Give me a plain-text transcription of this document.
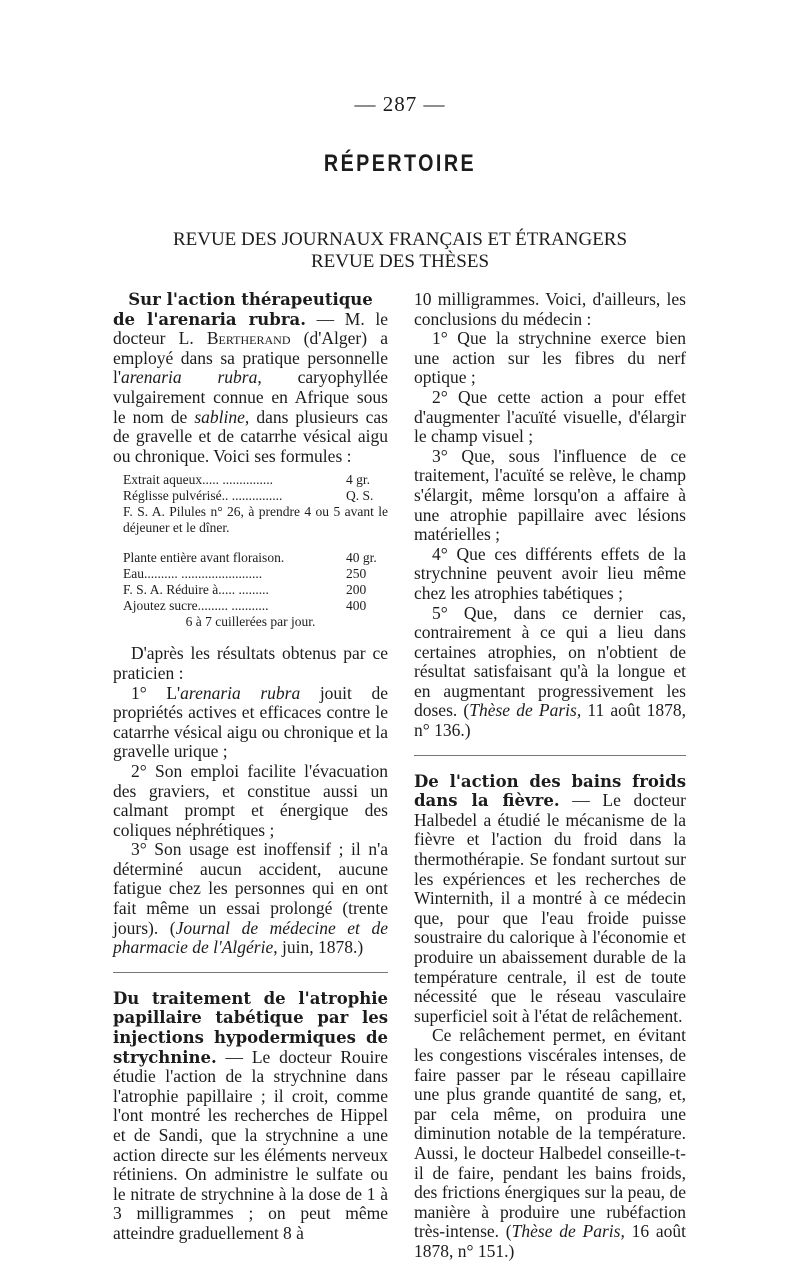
— 287 —
RÉPERTOIRE
REVUE DES JOURNAUX FRANÇAIS ET ÉTRANGERS
REVUE DES THÈSES

Sur l'action thérapeutique
de l'arenaria rubra. — M. le docteur L. Bertherand (d'Alger) a employé dans sa pratique personnelle l'arenaria rubra, caryophyllée vulgairement connue en Afrique sous le nom de sabline, dans plusieurs cas de gravelle et de catarrhe vésical aigu ou chronique. Voici ses formules :

Extrait aqueux..... ...............	4 gr.
Réglisse pulvérisé.. ...............	Q. S.

F. S. A. Pilules n° 26, à prendre 4 ou 5 avant le déjeuner et le dîner.

Plante entière avant floraison.	40 gr.
Eau.......... ........................	250
F. S. A. Réduire à..... .........	200
Ajoutez sucre......... ...........	400

6 à 7 cuillerées par jour.

D'après les résultats obtenus par ce praticien :

1° L'arenaria rubra jouit de propriétés actives et efficaces contre le catarrhe vésical aigu ou chronique et la gravelle urique ;

2° Son emploi facilite l'évacuation des graviers, et constitue aussi un calmant prompt et énergique des coliques néphrétiques ;

3° Son usage est inoffensif ; il n'a déterminé aucun accident, aucune fatigue chez les personnes qui en ont fait même un essai prolongé (trente jours). (Journal de médecine et de pharmacie de l'Algérie, juin, 1878.)

Du traitement de l'atrophie papillaire tabétique par les injections hypodermiques de strychnine. — Le docteur Rouire étudie l'action de la strychnine dans l'atrophie papillaire ; il croit, comme l'ont montré les recherches de Hippel et de Sandi, que la strychnine a une action directe sur les éléments nerveux rétiniens. On administre le sulfate ou le nitrate de strychnine à la dose de 1 à 3 milligrammes ; on peut même atteindre graduellement 8 à

10 milligrammes. Voici, d'ailleurs, les conclusions du médecin :

1° Que la strychnine exerce bien une action sur les fibres du nerf optique ;

2° Que cette action a pour effet d'augmenter l'acuïté visuelle, d'élargir le champ visuel ;

3° Que, sous l'influence de ce traitement, l'acuïté se relève, le champ s'élargit, même lorsqu'on a affaire à une atrophie papillaire avec lésions matérielles ;

4° Que ces différents effets de la strychnine peuvent avoir lieu même chez les atrophies tabétiques ;

5° Que, dans ce dernier cas, contrairement à ce qui a lieu dans certaines atrophies, on n'obtient de résultat satisfaisant qu'à la longue et en augmentant progressivement les doses. (Thèse de Paris, 11 août 1878, n° 136.)

De l'action des bains froids dans la fièvre. — Le docteur Halbedel a étudié le mécanisme de la fièvre et l'action du froid dans la thermothérapie. Se fondant surtout sur les expériences et les recherches de Winternith, il a montré à ce médecin que, pour que l'eau froide puisse soustraire du calorique à l'économie et produire un abaissement durable de la température centrale, il est de toute nécessité que le réseau vasculaire superficiel soit à l'état de relâchement.

Ce relâchement permet, en évitant les congestions viscérales intenses, de faire passer par le réseau capillaire une plus grande quantité de sang, et, par cela même, on produira une diminution notable de la température. Aussi, le docteur Halbedel conseille-t-il de faire, pendant les bains froids, des frictions énergiques sur la peau, de manière à produire une rubéfaction très-intense. (Thèse de Paris, 16 août 1878, n° 151.)
